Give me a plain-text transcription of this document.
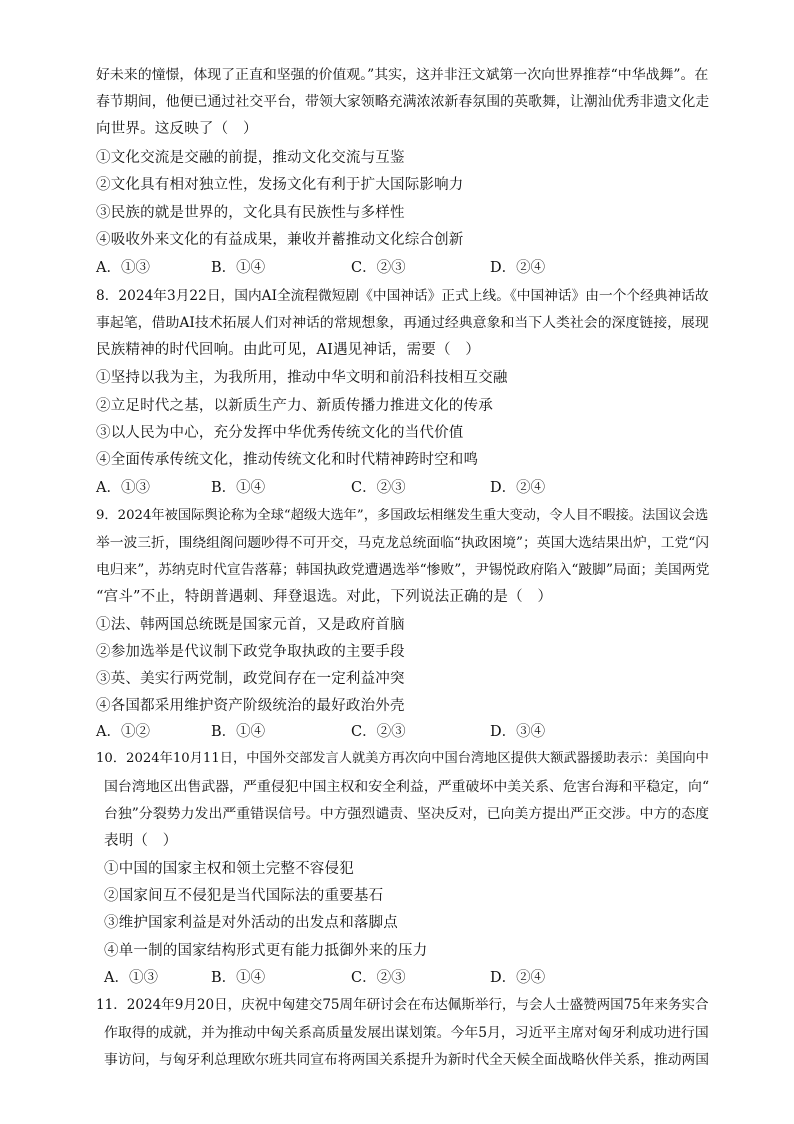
好未来的憧憬，体现了正直和坚强的价值观。”其实，这并非汪文斌第一次向世界推荐“中华战舞”。在
春节期间，他便已通过社交平台，带领大家领略充满浓浓新春氛围的英歌舞，让潮汕优秀非遗文化走
向世界。这反映了（　）
①文化交流是交融的前提，推动文化交流与互鉴
②文化具有相对独立性，发扬文化有利于扩大国际影响力
③民族的就是世界的，文化具有民族性与多样性
④吸收外来文化的有益成果，兼收并蓄推动文化综合创新
A．①③	B．①④	C．②③	D．②④
8．2024年3月22日，国内AI全流程微短剧《中国神话》正式上线。《中国神话》由一个个经典神话故
事起笔，借助AI技术拓展人们对神话的常规想象，再通过经典意象和当下人类社会的深度链接，展现
民族精神的时代回响。由此可见，AI遇见神话，需要（　）
①坚持以我为主，为我所用，推动中华文明和前沿科技相互交融
②立足时代之基，以新质生产力、新质传播力推进文化的传承
③以人民为中心，充分发挥中华优秀传统文化的当代价值
④全面传承传统文化，推动传统文化和时代精神跨时空和鸣
A．①③	B．①④	C．②③	D．②④
9．2024年被国际舆论称为全球“超级大选年”，多国政坛相继发生重大变动，令人目不暇接。法国议会选
举一波三折，围绕组阁问题吵得不可开交，马克龙总统面临“执政困境”；英国大选结果出炉，工党“闪
电归来”，苏纳克时代宣告落幕；韩国执政党遭遇选举“惨败”，尹锡悦政府陷入“跛脚”局面；美国两党
“宫斗”不止，特朗普遇刺、拜登退选。对此，下列说法正确的是（　）
①法、韩两国总统既是国家元首，又是政府首脑
②参加选举是代议制下政党争取执政的主要手段
③英、美实行两党制，政党间存在一定利益冲突
④各国都采用维护资产阶级统治的最好政治外壳
A．①②	B．①④	C．②③	D．③④
10．2024年10月11日，中国外交部发言人就美方再次向中国台湾地区提供大额武器援助表示：美国向中
国台湾地区出售武器，严重侵犯中国主权和安全利益，严重破坏中美关系、危害台海和平稳定，向“
台独”分裂势力发出严重错误信号。中方强烈谴责、坚决反对，已向美方提出严正交涉。中方的态度
表明（　）
①中国的国家主权和领土完整不容侵犯
②国家间互不侵犯是当代国际法的重要基石
③维护国家利益是对外活动的出发点和落脚点
④单一制的国家结构形式更有能力抵御外来的压力
A．①③	B．①④	C．②③	D．②④
11．2024年9月20日，庆祝中匈建交75周年研讨会在布达佩斯举行，与会人士盛赞两国75年来务实合
作取得的成就，并为推动中匈关系高质量发展出谋划策。今年5月，习近平主席对匈牙利成功进行国
事访问，与匈牙利总理欧尔班共同宣布将两国关系提升为新时代全天候全面战略伙伴关系，推动两国
